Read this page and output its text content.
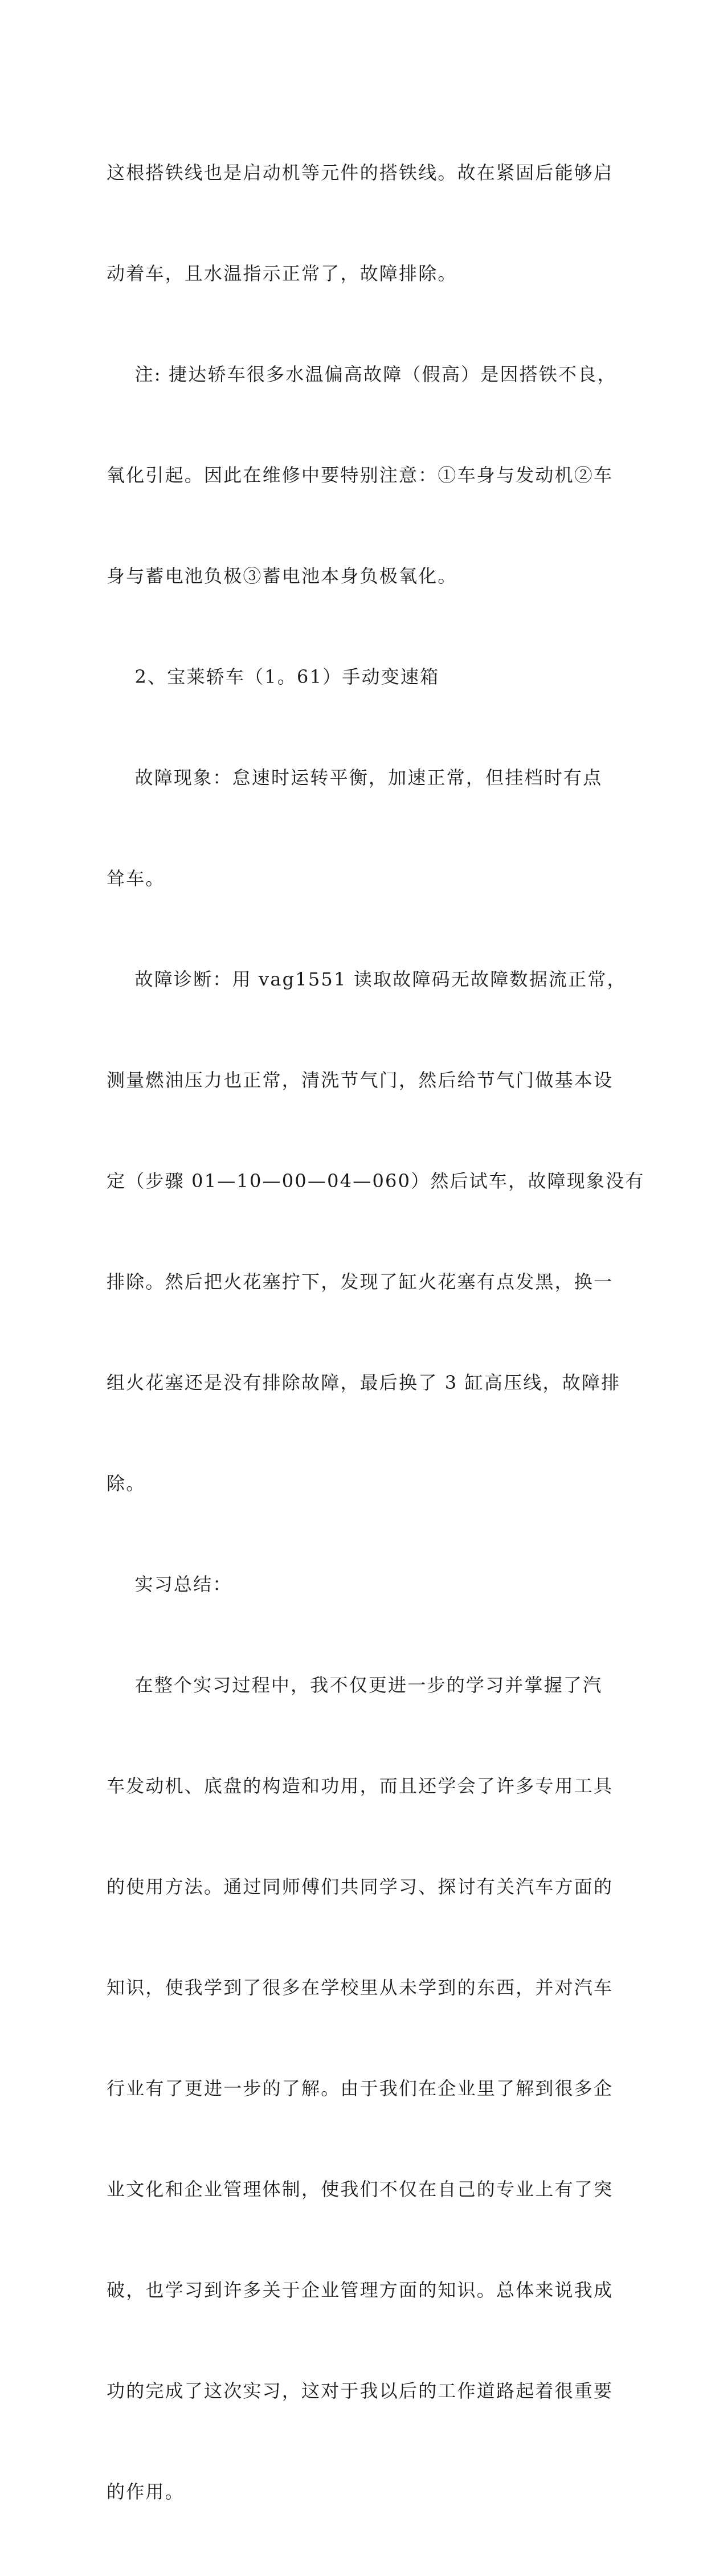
这根搭铁线也是启动机等元件的搭铁线。故在紧固后能够启

动着车，且水温指示正常了，故障排除。

注: 捷达轿车很多水温偏高故障（假高）是因搭铁不良，

氧化引起。因此在维修中要特别注意：①车身与发动机②车

身与蓄电池负极③蓄电池本身负极氧化。

2、宝莱轿车（1。61）手动变速箱

故障现象：怠速时运转平衡，加速正常，但挂档时有点

耸车。

故障诊断：用 vag1551 读取故障码无故障数据流正常，

测量燃油压力也正常，清洗节气门，然后给节气门做基本设

定（步骤 01—10—00—04—060）然后试车，故障现象没有

排除。然后把火花塞拧下，发现了缸火花塞有点发黑，换一

组火花塞还是没有排除故障，最后换了 3 缸高压线，故障排

除。

实习总结：

在整个实习过程中，我不仅更进一步的学习并掌握了汽

车发动机、底盘的构造和功用，而且还学会了许多专用工具

的使用方法。通过同师傅们共同学习、探讨有关汽车方面的

知识，使我学到了很多在学校里从未学到的东西，并对汽车

行业有了更进一步的了解。由于我们在企业里了解到很多企

业文化和企业管理体制，使我们不仅在自己的专业上有了突

破，也学习到许多关于企业管理方面的知识。总体来说我成

功的完成了这次实习，这对于我以后的工作道路起着很重要

的作用。
